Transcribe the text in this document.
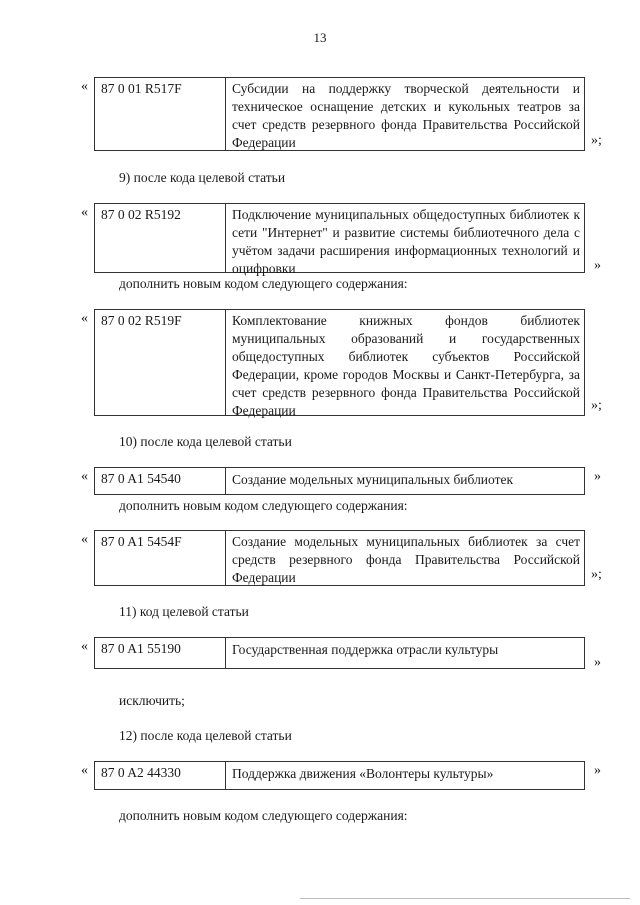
13
« 87 0 01 R517F	Субсидии на поддержку творческой деятельности и техническое оснащение детских и кукольных театров за счет средств резервного фонда Правительства Российской Федерации	»;
9) после кода целевой статьи
« 87 0 02 R5192	Подключение муниципальных общедоступных библиотек к сети "Интернет" и развитие системы библиотечного дела с учётом задачи расширения информационных технологий и оцифровки	»
дополнить новым кодом следующего содержания:
« 87 0 02 R519F	Комплектование книжных фондов библиотек муниципальных образований и государственных общедоступных библиотек субъектов Российской Федерации, кроме городов Москвы и Санкт-Петербурга, за счет средств резервного фонда Правительства Российской Федерации	»;
10) после кода целевой статьи
« 87 0 A1 54540	Создание модельных муниципальных библиотек	»
дополнить новым кодом следующего содержания:
« 87 0 A1 5454F	Создание модельных муниципальных библиотек за счет средств резервного фонда Правительства Российской Федерации	»;
11) код целевой статьи
« 87 0 A1 55190	Государственная поддержка отрасли культуры
»
исключить;
12) после кода целевой статьи
« 87 0 A2 44330	Поддержка движения «Волонтеры культуры»	»
дополнить новым кодом следующего содержания:
